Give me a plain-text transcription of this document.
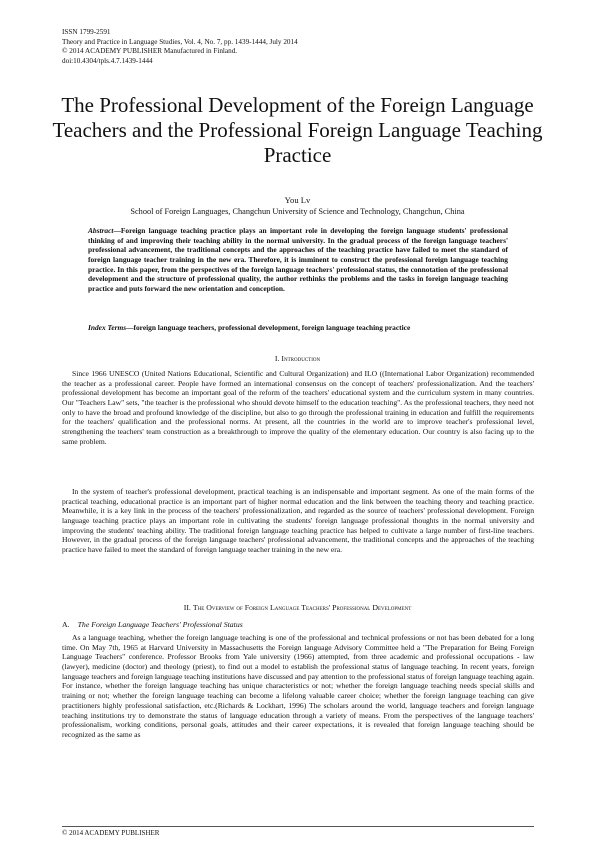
ISSN 1799-2591
Theory and Practice in Language Studies, Vol. 4, No. 7, pp. 1439-1444, July 2014
© 2014 ACADEMY PUBLISHER Manufactured in Finland.
doi:10.4304/tpls.4.7.1439-1444
The Professional Development of the Foreign Language Teachers and the Professional Foreign Language Teaching Practice
You Lv
School of Foreign Languages, Changchun University of Science and Technology, Changchun, China

Abstract—Foreign language teaching practice plays an important role in developing the foreign language students' professional thinking of and improving their teaching ability in the normal university. In the gradual process of the foreign language teachers' professional advancement, the traditional concepts and the approaches of the teaching practice have failed to meet the standard of foreign language teacher training in the new era. Therefore, it is imminent to construct the professional foreign language teaching practice. In this paper, from the perspectives of the foreign language teachers' professional status, the connotation of the professional development and the structure of professional quality, the author rethinks the problems and the tasks in foreign language teaching practice and puts forward the new orientation and conception.

Index Terms—foreign language teachers, professional development, foreign language teaching practice

I. Introduction

Since 1966 UNESCO (United Nations Educational, Scientific and Cultural Organization) and ILO ((International Labor Organization) recommended the teacher as a professional career. People have formed an international consensus on the concept of teachers' professionalization. And the teachers' professional development has become an important goal of the reform of the teachers' educational system and the curriculum system in many countries. Our "Teachers Law" sets, "the teacher is the professional who should devote himself to the education teaching". As the professional teachers, they need not only to have the broad and profound knowledge of the discipline, but also to go through the professional training in education and fulfill the requirements for the teachers' qualification and the professional norms. At present, all the countries in the world are to improve teacher's professional level, strengthening the teachers' team construction as a breakthrough to improve the quality of the elementary education. Our country is also facing up to the same problem.

In the system of teacher's professional development, practical teaching is an indispensable and important segment. As one of the main forms of the practical teaching, educational practice is an important part of higher normal education and the link between the teaching theory and teaching practice. Meanwhile, it is a key link in the process of the teachers' professionalization, and regarded as the source of teachers' professional development. Foreign language teaching practice plays an important role in cultivating the students' foreign language professional thoughts in the normal university and improving the students' teaching ability. The traditional foreign language teaching practice has helped to cultivate a large number of first-line teachers. However, in the gradual process of the foreign language teachers' professional advancement, the traditional concepts and the approaches of the teaching practice have failed to meet the standard of foreign language teacher training in the new era.

II. The Overview of Foreign Language Teachers' Professional Development
A. The Foreign Language Teachers' Professional Status

As a language teaching, whether the foreign language teaching is one of the professional and technical professions or not has been debated for a long time. On May 7th, 1965 at Harvard University in Massachusetts the Foreign language Advisory Committee held a "The Preparation for Being Foreign Language Teachers" conference. Professor Brooks from Yale university (1966) attempted, from three academic and professional occupations - law (lawyer), medicine (doctor) and theology (priest), to find out a model to establish the professional status of language teaching. In recent years, foreign language teachers and foreign language teaching institutions have discussed and pay attention to the professional status of foreign language teaching again. For instance, whether the foreign language teaching has unique characteristics or not; whether the foreign language teaching needs special skills and training or not; whether the foreign language teaching can become a lifelong valuable career choice; whether the foreign language teaching can give practitioners highly professional satisfaction, etc.(Richards & Lockhart, 1996) The scholars around the world, language teachers and foreign language teaching institutions try to demonstrate the status of language education through a variety of means. From the perspectives of the language teachers' professionalism, working conditions, personal goals, attitudes and their career expectations, it is revealed that foreign language teaching should be recognized as the same as

© 2014 ACADEMY PUBLISHER
